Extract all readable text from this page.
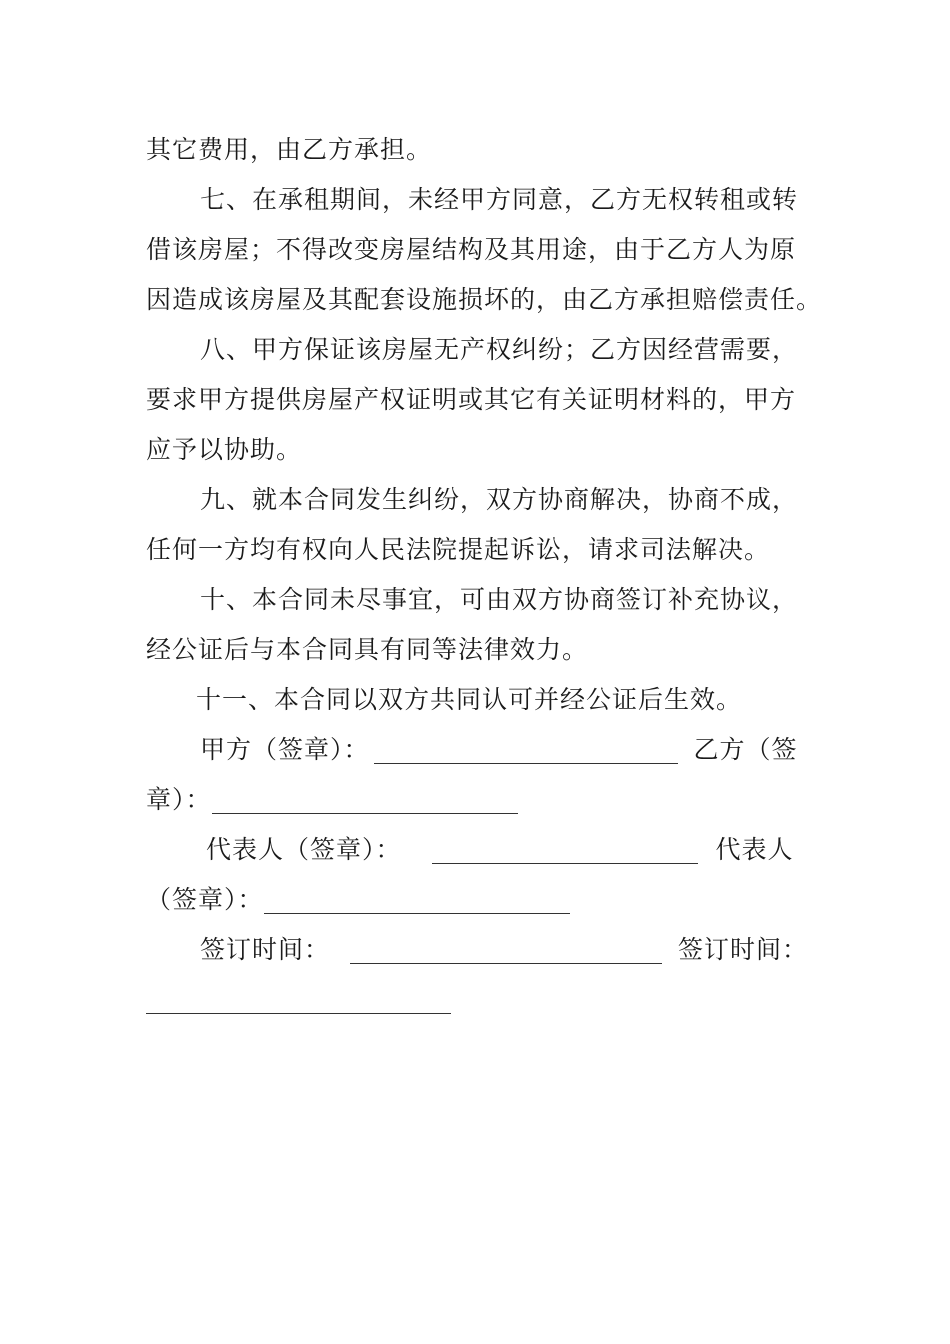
其它费用，由乙方承担。
七、在承租期间，未经甲方同意，乙方无权转租或转
借该房屋；不得改变房屋结构及其用途，由于乙方人为原
因造成该房屋及其配套设施损坏的，由乙方承担赔偿责任。
八、甲方保证该房屋无产权纠纷；乙方因经营需要，
要求甲方提供房屋产权证明或其它有关证明材料的，甲方
应予以协助。
九、就本合同发生纠纷，双方协商解决，协商不成，
任何一方均有权向人民法院提起诉讼，请求司法解决。
十、本合同未尽事宜，可由双方协商签订补充协议，
经公证后与本合同具有同等法律效力。
十一、本合同以双方共同认可并经公证后生效。
甲方（签章）：	乙方（签
章）：
代表人（签章）：	代表人
（签章）：
签订时间：	签订时间：
